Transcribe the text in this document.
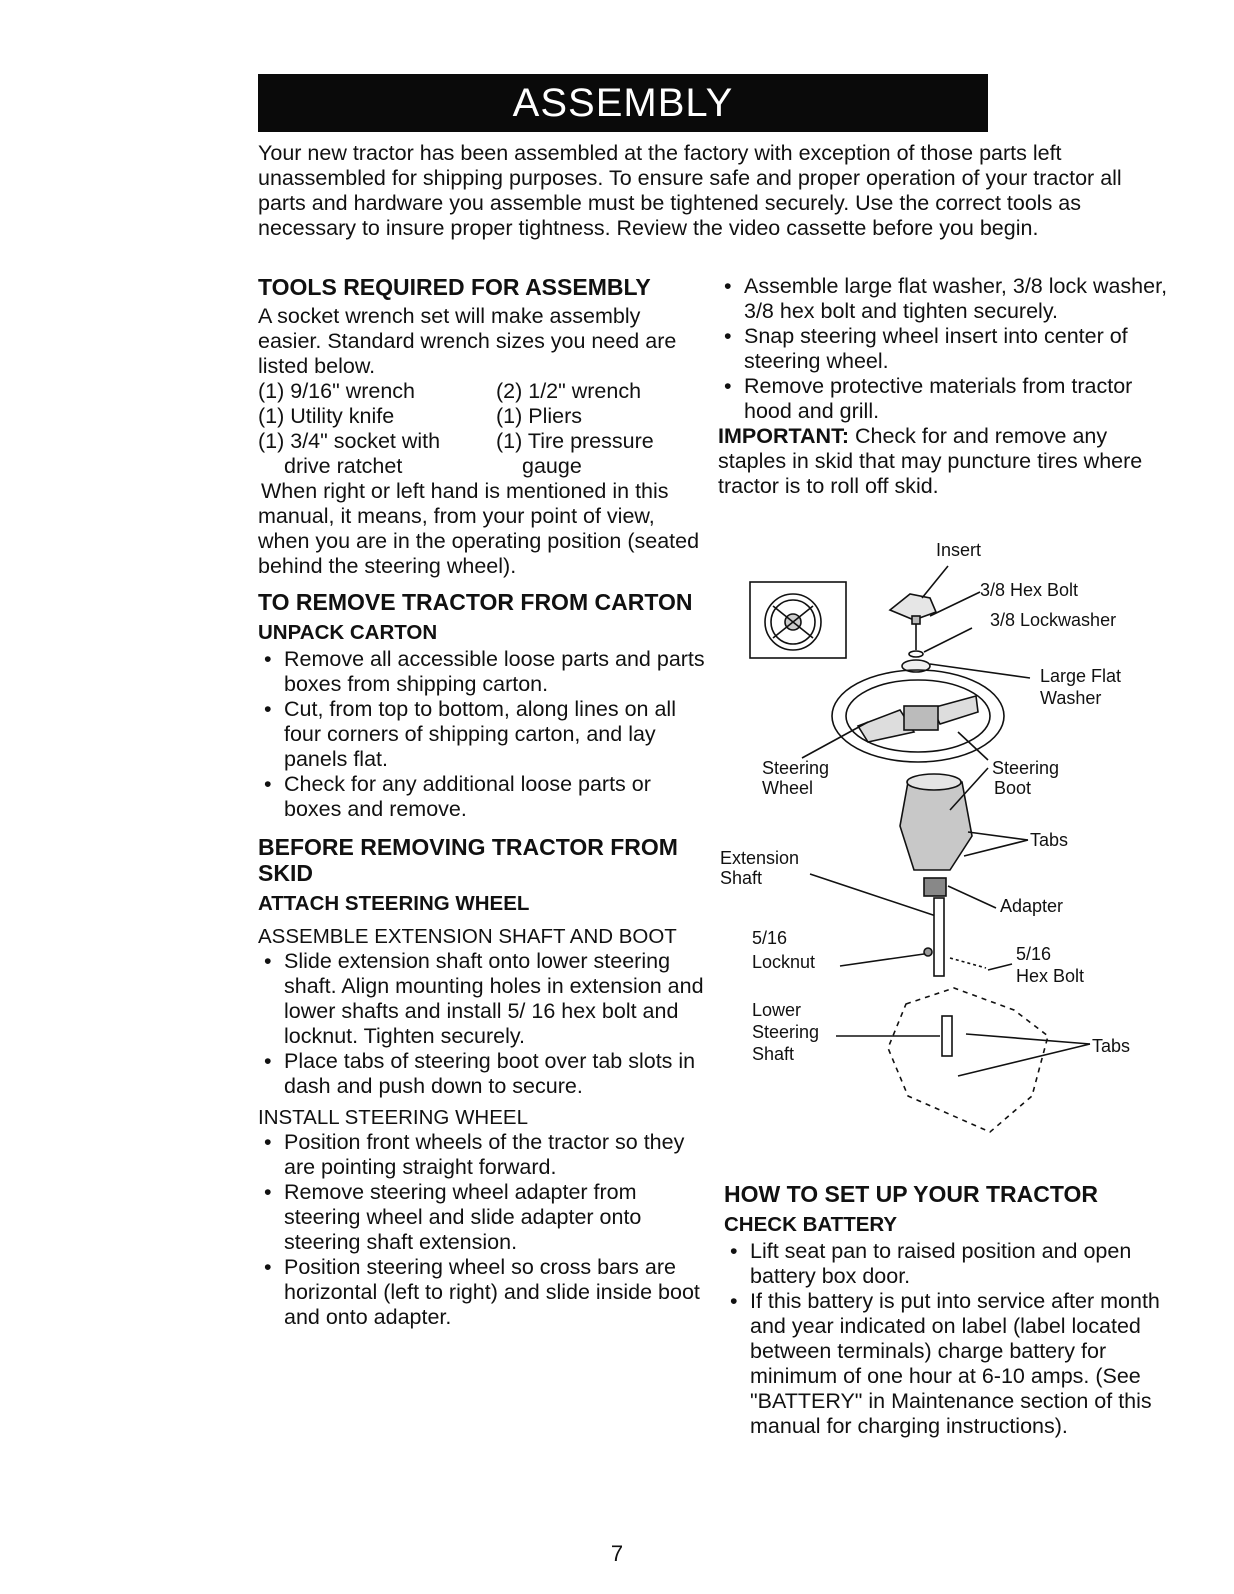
ASSEMBLY

Your new tractor has been assembled at the factory with exception of those parts left unassembled for shipping purposes. To ensure safe and proper operation of your tractor all parts and hardware you assemble must be tightened securely. Use the correct tools as necessary to insure proper tightness. Review the video cassette before you begin.

TOOLS REQUIRED FOR ASSEMBLY

A socket wrench set will make assembly easier. Standard wrench sizes you need are listed below.

(1) 9/16" wrench	(2) 1/2" wrench
(1) Utility knife	(1) Pliers
(1) 3/4" socket with	(1) Tire pressure
drive ratchet	gauge

When right or left hand is mentioned in this manual, it means, from your point of view, when you are in the operating position (seated behind the steering wheel).

TO REMOVE TRACTOR FROM CARTON
UNPACK CARTON
• Remove all accessible loose parts and parts boxes from shipping carton.
• Cut, from top to bottom, along lines on all four corners of shipping carton, and lay panels flat.
• Check for any additional loose parts or boxes and remove.
BEFORE REMOVING TRACTOR FROM SKID
ATTACH STEERING WHEEL
ASSEMBLE EXTENSION SHAFT AND BOOT
• Slide extension shaft onto lower steering shaft. Align mounting holes in extension and lower shafts and install 5/ 16 hex bolt and locknut. Tighten securely.
• Place tabs of steering boot over tab slots in dash and push down to secure.
INSTALL STEERING WHEEL
• Position front wheels of the tractor so they are pointing straight forward.
• Remove steering wheel adapter from steering wheel and slide adapter onto steering shaft extension.
• Position steering wheel so cross bars are horizontal (left to right) and slide inside boot and onto adapter.
• Assemble large flat washer, 3/8 lock washer, 3/8 hex bolt and tighten securely.
• Snap steering wheel insert into center of steering wheel.
• Remove protective materials from tractor hood and grill.

IMPORTANT: Check for and remove any staples in skid that may puncture tires where tractor is to roll off skid.

Insert
3/8 Hex Bolt
3/8 Lockwasher
Large Flat
Washer
Steering
Wheel
Steering
Boot
Tabs
Extension
Shaft
Adapter
5/16
Locknut	5/16
Hex Bolt
Lower
Steering
Shaft	Tabs
HOW TO SET UP YOUR TRACTOR
CHECK BATTERY
• Lift seat pan to raised position and open battery box door.
• If this battery is put into service after month and year indicated on label (label located between terminals) charge battery for minimum of one hour at 6-10 amps. (See "BATTERY" in Maintenance section of this manual for charging instructions).
7
